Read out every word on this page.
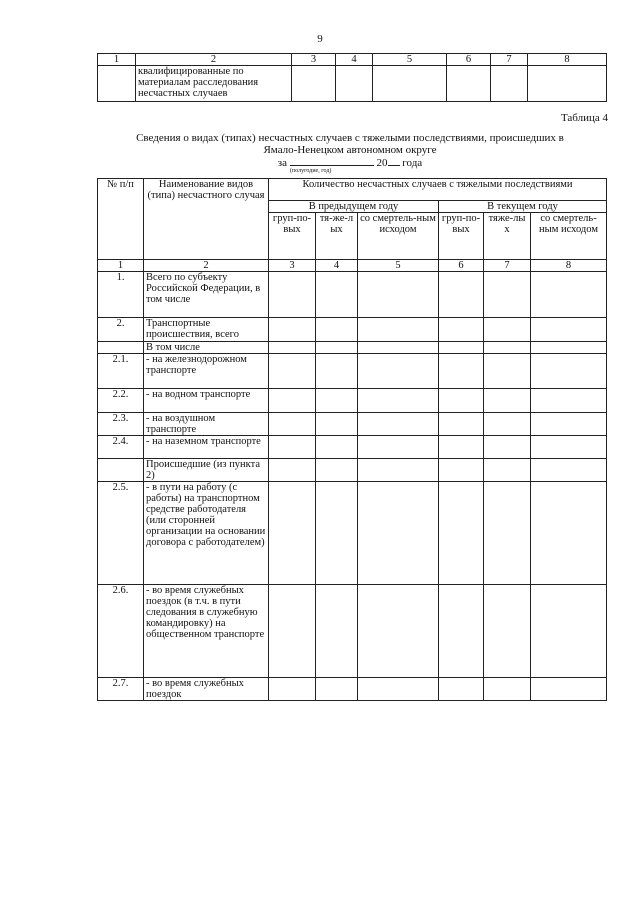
9
1	2	3	4	5	6	7	8
	квалифицированные по материалам расследования несчастных случаев						
Таблица 4
Сведения о видах (типах) несчастных случаев с тяжелыми последствиями, происшедших в
Ямало-Ненецком автономном округе
за	20 года
(полугодие, год)
№ п/п	Наименование видов (типа) несчастного случая	Количество несчастных случаев с тяжелыми последствиями					
		В предыдущем году			В текущем году		
		груп-по-вых	тя-же-лых	со смертель-ным исходом	груп-по-вых	тяже-лых	со смертель-ным исходом
1	2	3	4	5	6	7	8
1.	Всего по субъекту Российской Федерации, в том числе						
2.	Транспортные происшествия, всего						
	В том числе						
2.1.	- на железнодорожном транспорте						
2.2.	- на водном транспорте						
2.3.	- на воздушном транспорте						
2.4.	- на наземном транспорте						
	Происшедшие (из пункта 2)						
2.5.	- в пути на работу (с работы) на транспортном средстве работодателя (или сторонней организации на основании договора с работодателем)						
2.6.	- во время служебных поездок (в т.ч. в пути следования в служебную командировку) на общественном транспорте						
2.7.	- во время служебных поездок						
